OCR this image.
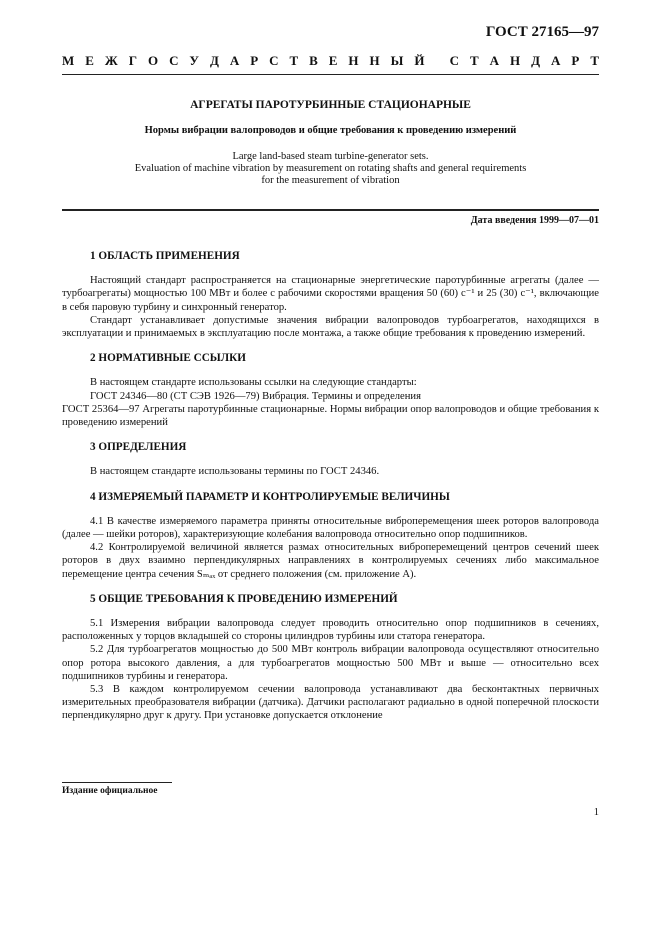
ГОСТ 27165—97
М Е Ж Г О С У Д А Р С Т В Е Н Н Ы Й
С Т А Н Д А Р Т
АГРЕГАТЫ ПАРОТУРБИННЫЕ СТАЦИОНАРНЫЕ
Нормы вибрации валопроводов и общие требования к проведению измерений
Large land-based steam turbine-generator sets.
Evaluation of machine vibration by measurement on rotating shafts and general requirements
for the measurement of vibration
Дата введения 1999—07—01
1 ОБЛАСТЬ ПРИМЕНЕНИЯ

Настоящий стандарт распространяется на стационарные энергетические паротурбинные агрегаты (далее — турбоагрегаты) мощностью 100 МВт и более с рабочими скоростями вращения 50 (60) с⁻¹ и 25 (30) с⁻¹, включающие в себя паровую турбину и синхронный генератор.

Стандарт устанавливает допустимые значения вибрации валопроводов турбоагрегатов, находящихся в эксплуатации и принимаемых в эксплуатацию после монтажа, а также общие требования к проведению измерений.

2 НОРМАТИВНЫЕ ССЫЛКИ

В настоящем стандарте использованы ссылки на следующие стандарты:

ГОСТ 24346—80 (СТ СЭВ 1926—79) Вибрация. Термины и определения

ГОСТ 25364—97 Агрегаты паротурбинные стационарные. Нормы вибрации опор валопроводов и общие требования к проведению измерений

3 ОПРЕДЕЛЕНИЯ

В настоящем стандарте использованы термины по ГОСТ 24346.

4 ИЗМЕРЯЕМЫЙ ПАРАМЕТР И КОНТРОЛИРУЕМЫЕ ВЕЛИЧИНЫ

4.1 В качестве измеряемого параметра приняты относительные виброперемещения шеек роторов валопровода (далее — шейки роторов), характеризующие колебания валопровода относительно опор подшипников.

4.2 Контролируемой величиной является размах относительных виброперемещений центров сечений шеек роторов в двух взаимно перпендикулярных направлениях в контролируемых сечениях либо максимальное перемещение центра сечения Sₘₐₓ от среднего положения (см. приложение А).

5 ОБЩИЕ ТРЕБОВАНИЯ К ПРОВЕДЕНИЮ ИЗМЕРЕНИЙ

5.1 Измерения вибрации валопровода следует проводить относительно опор подшипников в сечениях, расположенных у торцов вкладышей со стороны цилиндров турбины или статора генератора.

5.2 Для турбоагрегатов мощностью до 500 МВт контроль вибрации валопровода осуществляют относительно опор ротора высокого давления, а для турбоагрегатов мощностью 500 МВт и выше — относительно всех подшипников турбины и генератора.

5.3 В каждом контролируемом сечении валопровода устанавливают два бесконтактных первичных измерительных преобразователя вибрации (датчика). Датчики располагают радиально в одной поперечной плоскости перпендикулярно друг к другу. При установке допускается отклонение

Издание официальное
1
